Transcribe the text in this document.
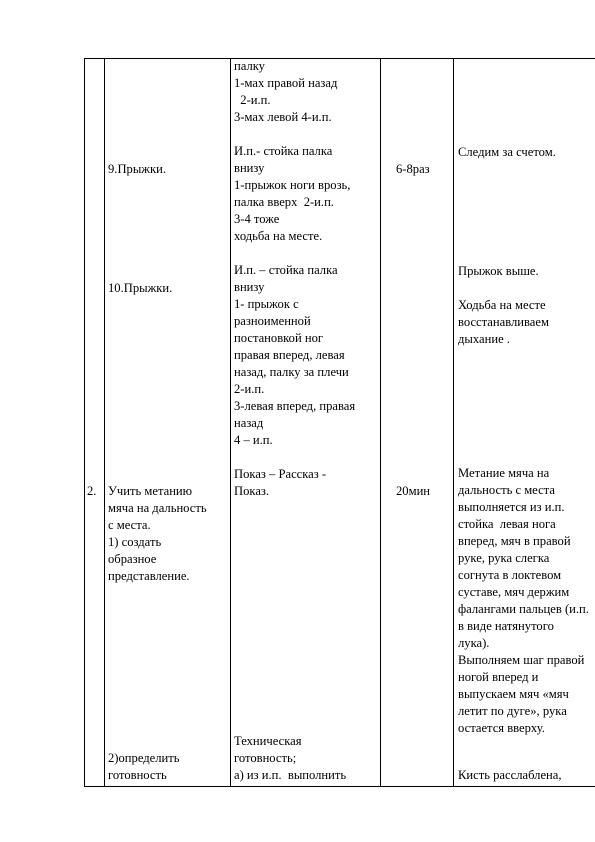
9.Прыжки.
10.Прыжки.
палку
1-мах правой назад
2-и.п.
3-мах левой 4-и.п.
И.п.- стойка палка
внизу
1-прыжок ноги врозь,
палка вверх  2-и.п.
3-4 тоже
ходьба на месте.
И.п. – стойка палка
внизу
1- прыжок с
разноименной
постановкой ног
правая вперед, левая
назад, палку за плечи
2-и.п.
3-левая вперед, правая
назад
4 – и.п.
Показ – Рассказ -
Показ.
6-8раз
Следим за счетом.
Прыжок выше.
Ходьба на месте
восстанавливаем
дыхание .
2. Учить метанию
мяча на дальность
с места.
1) создать
образное
представление.
2)определить
готовность
Техническая
готовность;
а) из и.п.  выполнить
20мин
Метание мяча на
дальность с места
выполняется из и.п.
стойка  левая нога
вперед, мяч в правой
руке, рука слегка
согнута в локтевом
суставе, мяч держим
фалангами пальцев (и.п.
в виде натянутого
лука).
Выполняем шаг правой
ногой вперед и
выпускаем мяч «мяч
летит по дуге», рука
остается вверху.
Кисть расслаблена,
